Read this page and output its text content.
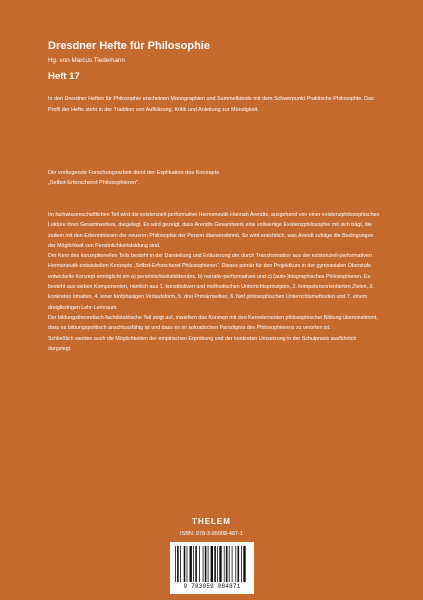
Dresdner Hefte für Philosophie
Hg. von Marcus Tiedemann
Heft 17
In den Dresdner Heften für Philosophie erscheinen Monographien und Sammelbände mit dem Schwerpunkt Praktische Philosophie. Das Profil der Hefte steht in der Tradition von Aufklärung, Kritik und Anleitung zur Mündigkeit.
Die vorliegende Forschungsarbeit dient der Explikation des Konzepts
„Selbst-Erforschend Philosophieren“.

Im fachwissenschaftlichen Teil wird die existenziell-performative Hermeneutik Hannah Arendts, ausgehend von einer existenzphilosophischen Lektüre ihres Gesamtwerkes, dargelegt. Es wird gezeigt, dass Arendts Gesamtwerk eine vollwertige Existenzphilosophie mit sich trägt, die zudem mit den Erkenntnissen der neueren Philosophie der Person übereinstimmt. So wird ersichtlich, was Arendt zufolge die Bedingungen der Möglichkeit von Persönlichkeitsbildung sind.

Der Kern des konzeptionellen Teils besteht in der Darstellung und Erläuterung der durch Transformation aus der existenziell-performativen Hermeneutik entwickelten Konzepts „Selbst-Erforschend Philosophieren“. Dieses primär für den Projektkurs in der gymnasialen Oberstufe entwickelte Konzept ermöglicht ein a) persönlichkeitsbildendes, b) narrativ-performatives und c) (auto-)biographisches Philosophieren. Es besteht aus sieben Komponenten, nämlich aus 1. konstitutiven und methodischen Unterrichtsprinzipien, 2. kompetenzorientierten Zielen, 3. konkreten Inhalten, 4. einer fünfphasigen Verlaufsform, 5. drei Primärmedien, 6. fünf philosophischen Unterrichtsmethoden und 7. einem dreigliedrigen Lehr-Lernraum.

Der bildungstheoretisch-fachdidaktische Teil zeigt auf, inwiefern das Konzept mit den Kernelementen philosophischer Bildung übereinstimmt, dass es bildungspolitisch anschlussfähig ist und dass es im sokratischen Paradigma des Philosophierens zu verorten ist.

Schließlich werden auch die Möglichkeiten der empirischen Erprobung und der konkreten Umsetzung in der Schulpraxis ausführlich dargelegt.

THELEM
ISBN: 978-3-95908-487-1
9 783959 084871
